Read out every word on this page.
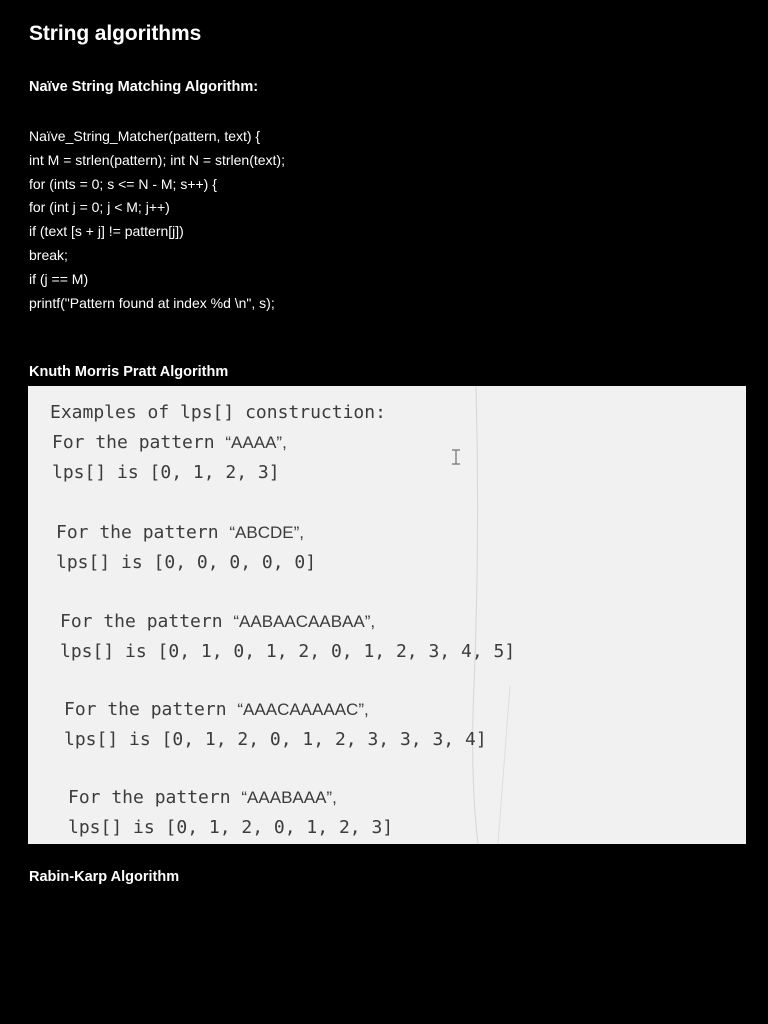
String algorithms
Naïve String Matching Algorithm:
Naïve_String_Matcher(pattern, text) {
int M = strlen(pattern); int N = strlen(text);
for (ints = 0; s <= N - M; s++) {
for (int j = 0; j < M; j++)
if (text [s + j] != pattern[j])
break;
if (j == M)
printf("Pattern found at index %d \n", s);
Knuth Morris Pratt Algorithm
Examples of lps[] construction:
For the pattern “AAAA”,
lps[] is [0, 1, 2, 3]
For the pattern “ABCDE”,
lps[] is [0, 0, 0, 0, 0]
For the pattern “AABAACAABAA”,
lps[] is [0, 1, 0, 1, 2, 0, 1, 2, 3, 4, 5]
For the pattern “AAACAAAAAC”,
lps[] is [0, 1, 2, 0, 1, 2, 3, 3, 3, 4]
For the pattern “AAABAAA”,
lps[] is [0, 1, 2, 0, 1, 2, 3]
Rabin-Karp Algorithm
